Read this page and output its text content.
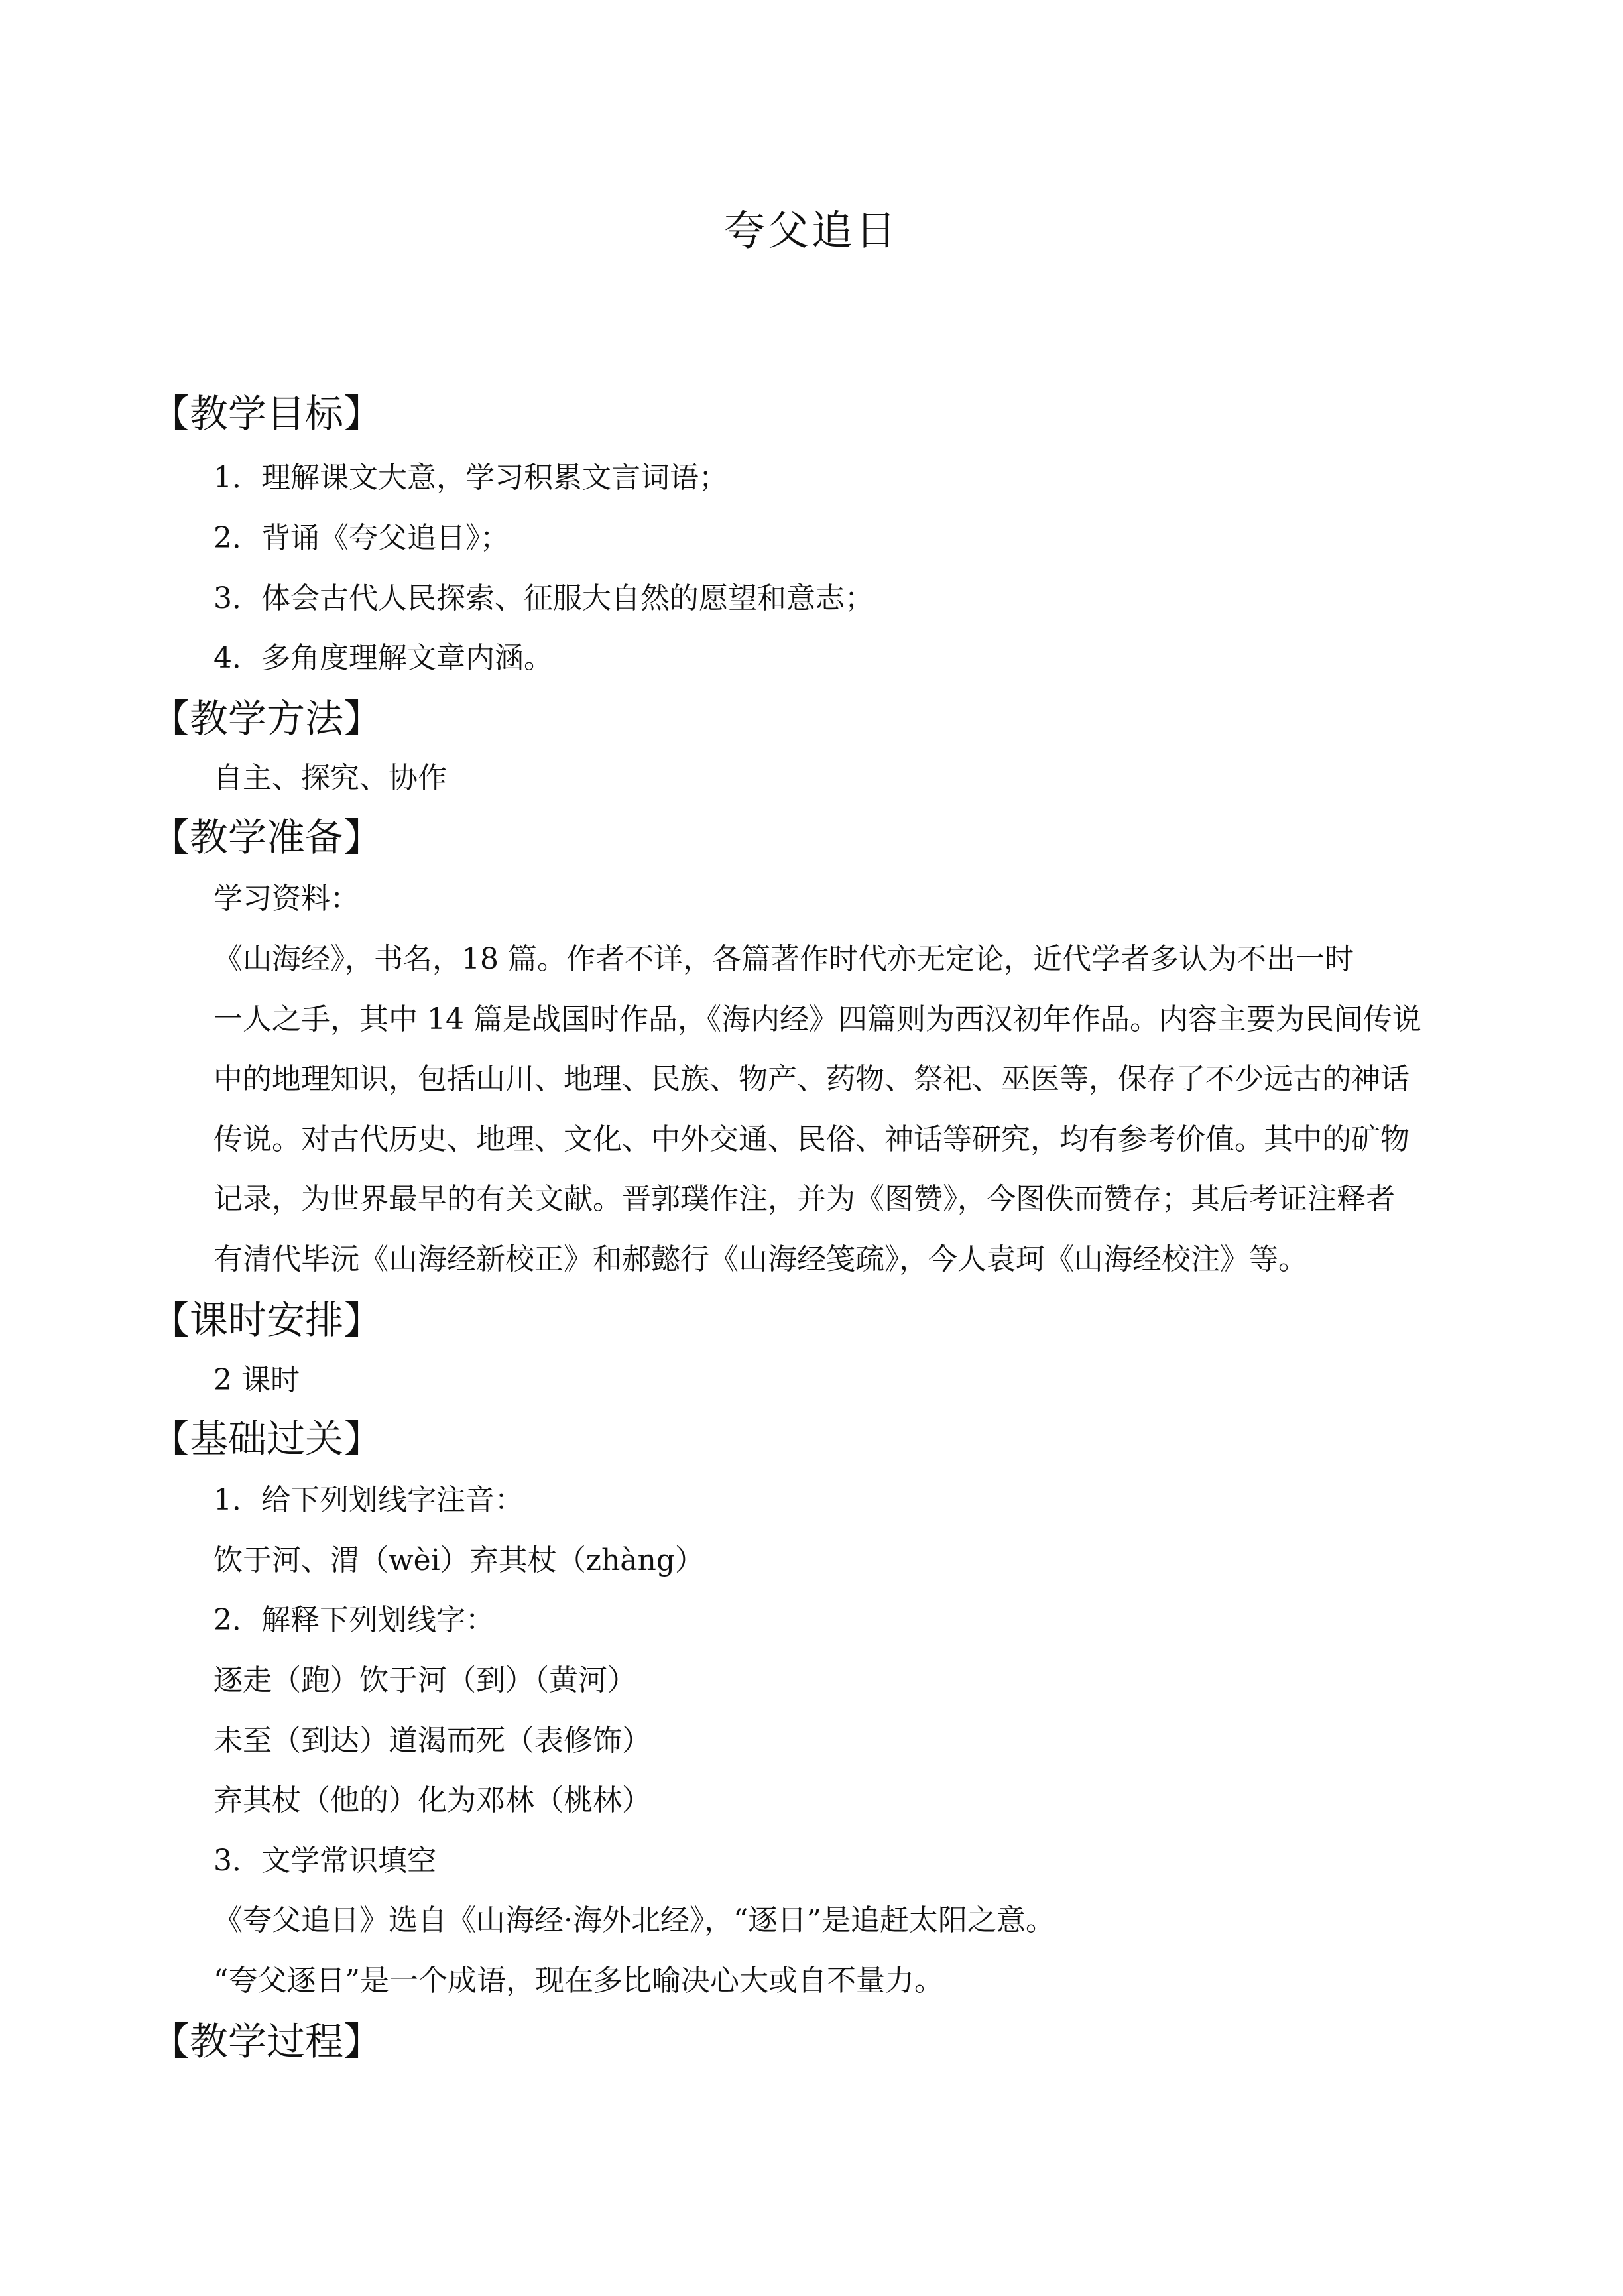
夸父追日
【教学目标】
1．理解课文大意，学习积累文言词语；
2．背诵《夸父追日》；
3．体会古代人民探索、征服大自然的愿望和意志；
4．多角度理解文章内涵。
【教学方法】
自主、探究、协作
【教学准备】
学习资料：
《山海经》，书名，18 篇。作者不详，各篇著作时代亦无定论，近代学者多认为不出一时
一人之手，其中 14 篇是战国时作品，《海内经》四篇则为西汉初年作品。内容主要为民间传说
中的地理知识，包括山川、地理、民族、物产、药物、祭祀、巫医等，保存了不少远古的神话
传说。对古代历史、地理、文化、中外交通、民俗、神话等研究，均有参考价值。其中的矿物
记录，为世界最早的有关文献。晋郭璞作注，并为《图赞》，今图佚而赞存；其后考证注释者
有清代毕沅《山海经新校正》和郝懿行《山海经笺疏》，今人袁珂《山海经校注》等。
【课时安排】
2 课时
【基础过关】
1．给下列划线字注音：
饮于河、渭（wèi）弃其杖（zhàng）
2．解释下列划线字：
逐走（跑）饮于河（到）（黄河）
未至（到达）道渴而死（表修饰）
弃其杖（他的）化为邓林（桃林）
3．文学常识填空
《夸父追日》选自《山海经·海外北经》，“逐日”是追赶太阳之意。
“夸父逐日”是一个成语，现在多比喻决心大或自不量力。
【教学过程】
